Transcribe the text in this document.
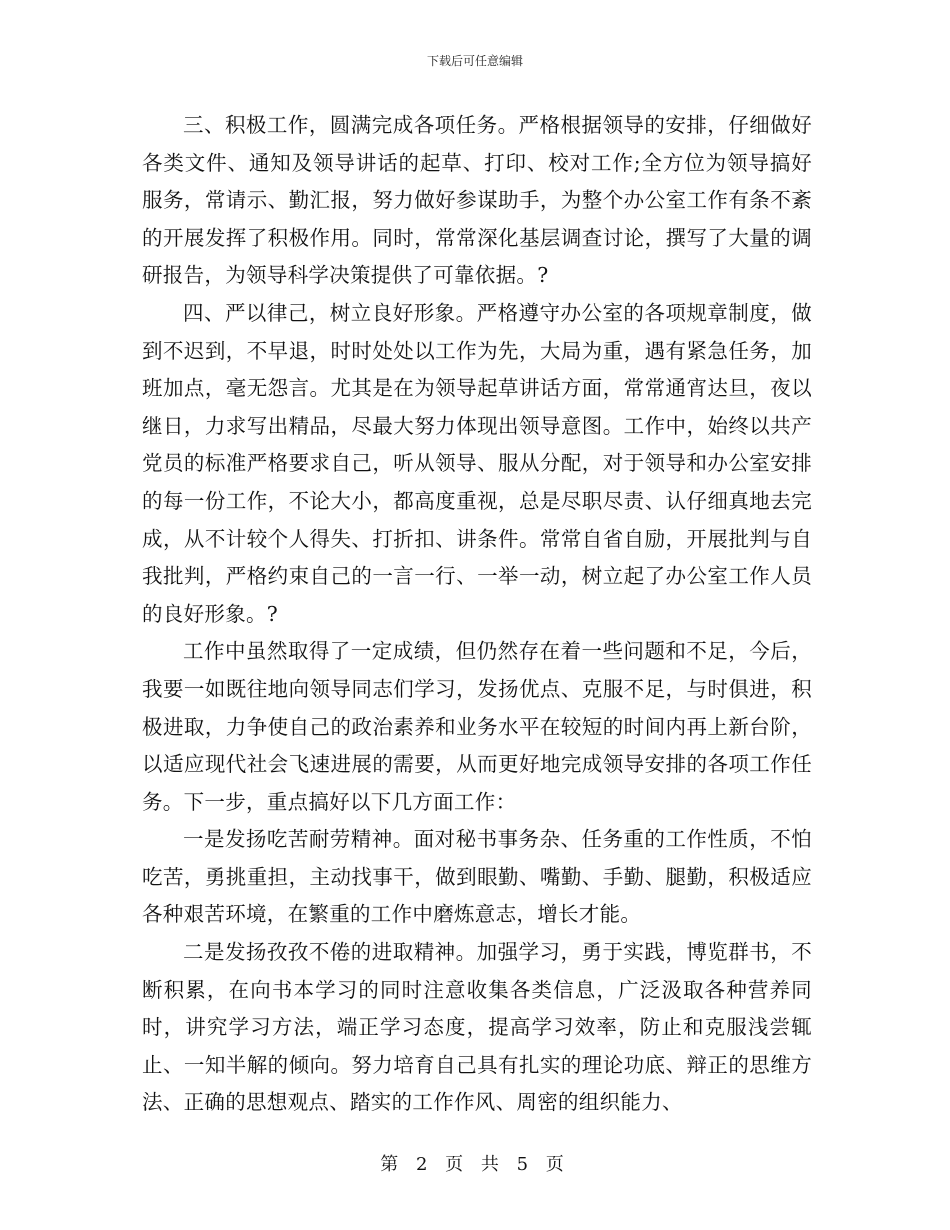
下载后可任意编辑

三、积极工作，圆满完成各项任务。严格根据领导的安排，仔细做好各类文件、通知及领导讲话的起草、打印、校对工作;全方位为领导搞好服务，常请示、勤汇报，努力做好参谋助手，为整个办公室工作有条不紊的开展发挥了积极作用。同时，常常深化基层调查讨论，撰写了大量的调研报告，为领导科学决策提供了可靠依据。?

四、严以律己，树立良好形象。严格遵守办公室的各项规章制度，做到不迟到，不早退，时时处处以工作为先，大局为重，遇有紧急任务，加班加点，毫无怨言。尤其是在为领导起草讲话方面，常常通宵达旦，夜以继日，力求写出精品，尽最大努力体现出领导意图。工作中，始终以共产党员的标准严格要求自己，听从领导、服从分配，对于领导和办公室安排的每一份工作，不论大小，都高度重视，总是尽职尽责、认仔细真地去完成，从不计较个人得失、打折扣、讲条件。常常自省自励，开展批判与自我批判，严格约束自己的一言一行、一举一动，树立起了办公室工作人员的良好形象。?

工作中虽然取得了一定成绩，但仍然存在着一些问题和不足，今后，我要一如既往地向领导同志们学习，发扬优点、克服不足，与时俱进，积极进取，力争使自己的政治素养和业务水平在较短的时间内再上新台阶，以适应现代社会飞速进展的需要，从而更好地完成领导安排的各项工作任务。下一步，重点搞好以下几方面工作：

一是发扬吃苦耐劳精神。面对秘书事务杂、任务重的工作性质，不怕吃苦，勇挑重担，主动找事干，做到眼勤、嘴勤、手勤、腿勤，积极适应各种艰苦环境，在繁重的工作中磨炼意志，增长才能。

二是发扬孜孜不倦的进取精神。加强学习，勇于实践，博览群书，不断积累，在向书本学习的同时注意收集各类信息，广泛汲取各种营养同时，讲究学习方法，端正学习态度，提高学习效率，防止和克服浅尝辄止、一知半解的倾向。努力培育自己具有扎实的理论功底、辩正的思维方法、正确的思想观点、踏实的工作作风、周密的组织能力、

第 2 页 共 5 页
